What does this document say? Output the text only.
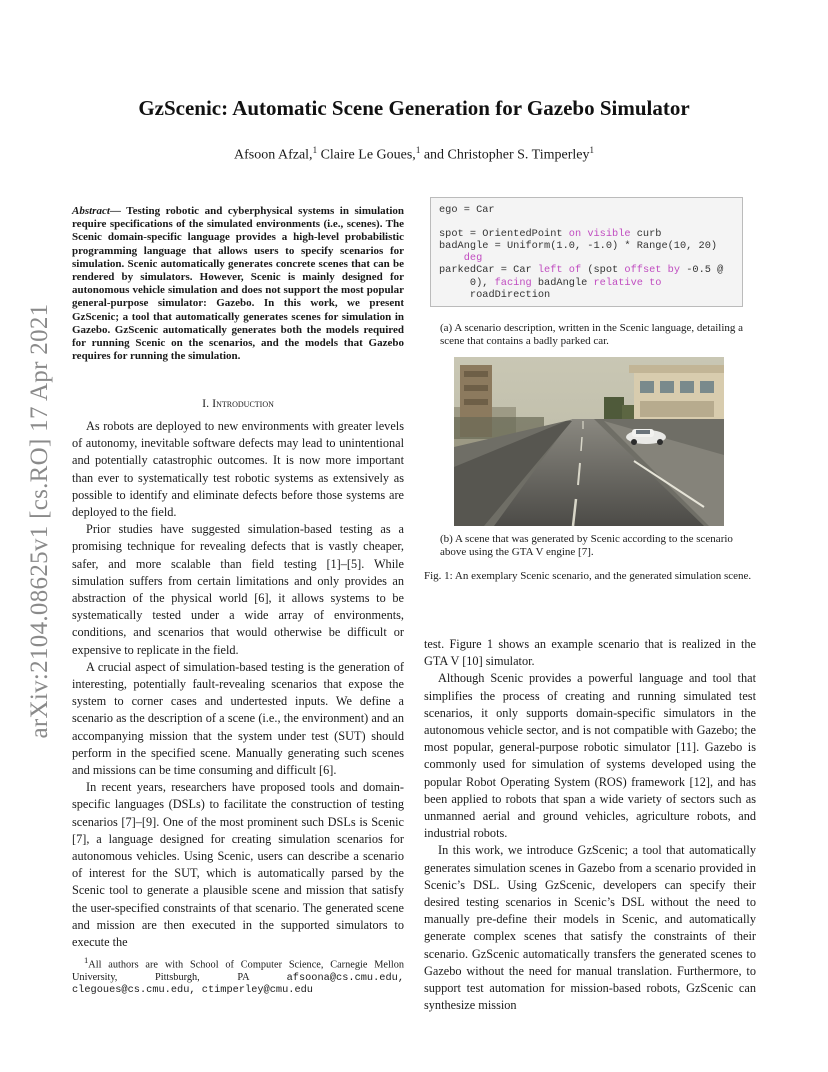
arXiv:2104.08625v1 [cs.RO] 17 Apr 2021
GzScenic: Automatic Scene Generation for Gazebo Simulator
Afsoon Afzal,$^1$ Claire Le Goues,$^1$ and Christopher S. Timperley$^1$
Abstract— Testing robotic and cyberphysical systems in simulation require specifications of the simulated environments (i.e., scenes). The Scenic domain-specific language provides a high-level probabilistic programming language that allows users to specify scenarios for simulation. Scenic automatically generates concrete scenes that can be rendered by simulators. However, Scenic is mainly designed for autonomous vehicle simulation and does not support the most popular general-purpose simulator: Gazebo. In this work, we present GzScenic; a tool that automatically generates scenes for simulation in Gazebo. GzScenic automatically generates both the models required for running Scenic on the scenarios, and the models that Gazebo requires for running the simulation.
I. Introduction

As robots are deployed to new environments with greater levels of autonomy, inevitable software defects may lead to unintentional and potentially catastrophic outcomes. It is now more important than ever to systematically test robotic systems as extensively as possible to identify and eliminate defects before those systems are deployed to the field.

Prior studies have suggested simulation-based testing as a promising technique for revealing defects that is vastly cheaper, safer, and more scalable than field testing [1]–[5]. While simulation suffers from certain limitations and only provides an abstraction of the physical world [6], it allows systems to be systematically tested under a wide array of environments, conditions, and scenarios that would otherwise be difficult or expensive to replicate in the field.

A crucial aspect of simulation-based testing is the generation of interesting, potentially fault-revealing scenarios that expose the system to corner cases and undertested inputs. We define a scenario as the description of a scene (i.e., the environment) and an accompanying mission that the system under test (SUT) should perform in the specified scene. Manually generating such scenes and missions can be time consuming and difficult [6].

In recent years, researchers have proposed tools and domain-specific languages (DSLs) to facilitate the construction of testing scenarios [7]–[9]. One of the most prominent such DSLs is Scenic [7], a language designed for creating simulation scenarios for autonomous vehicles. Using Scenic, users can describe a scenario of interest for the SUT, which is automatically parsed by the Scenic tool to generate a plausible scene and mission that satisfy the user-specified constraints of that scenario. The generated scene and mission are then executed in the supported simulators to execute the

$^1$All authors are with School of Computer Science, Carnegie Mellon University, Pittsburgh, PA afsoona@cs.cmu.edu, clegoues@cs.cmu.edu, ctimperley@cmu.edu
ego = Car

spot = OrientedPoint on visible curb
badAngle = Uniform(1.0, -1.0) * Range(10, 20)
deg
parkedCar = Car left of (spot offset by -0.5 @
0), facing badAngle relative to
roadDirection
(a) A scenario description, written in the Scenic language, detailing a scene that contains a badly parked car.
(b) A scene that was generated by Scenic according to the scenario above using the GTA V engine [7].
Fig. 1: An exemplary Scenic scenario, and the generated simulation scene.

test. Figure 1 shows an example scenario that is realized in the GTA V [10] simulator.

Although Scenic provides a powerful language and tool that simplifies the process of creating and running simulated test scenarios, it only supports domain-specific simulators in the autonomous vehicle sector, and is not compatible with Gazebo; the most popular, general-purpose robotic simulator [11]. Gazebo is commonly used for simulation of systems developed using the popular Robot Operating System (ROS) framework [12], and has been applied to robots that span a wide variety of sectors such as unmanned aerial and ground vehicles, agriculture robots, and industrial robots.

In this work, we introduce GzScenic; a tool that automatically generates simulation scenes in Gazebo from a scenario provided in Scenic’s DSL. Using GzScenic, developers can specify their desired testing scenarios in Scenic’s DSL without the need to manually pre-define their models in Scenic, and automatically generate complex scenes that satisfy the constraints of their scenario. GzScenic automatically transfers the generated scenes to Gazebo without the need for manual translation. Furthermore, to support test automation for mission-based robots, GzScenic can synthesize mission
